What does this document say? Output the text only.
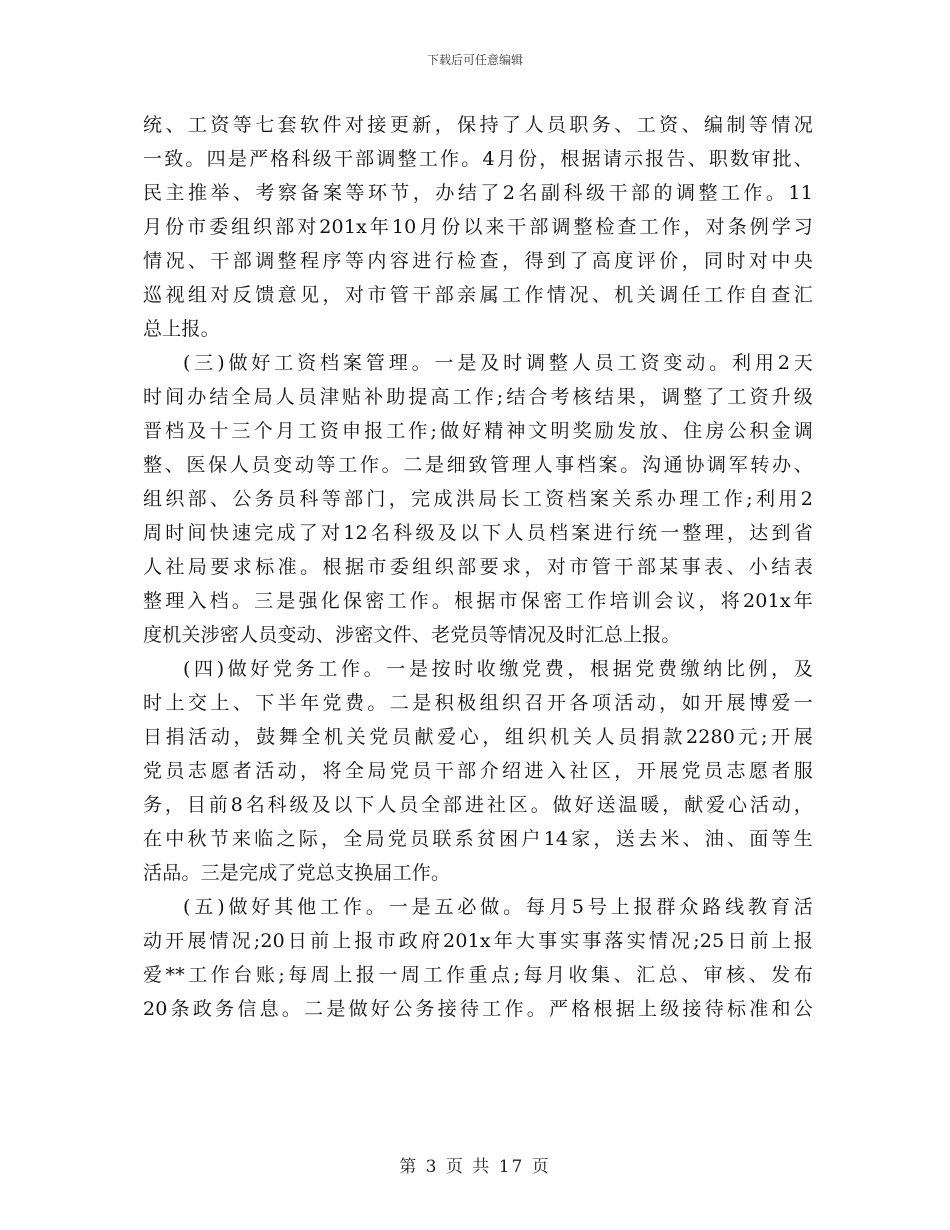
下载后可任意编辑
统、工资等七套软件对接更新，保持了人员职务、工资、编制等情况
一致。四是严格科级干部调整工作。4月份，根据请示报告、职数审批、
民主推举、考察备案等环节，办结了2名副科级干部的调整工作。11
月份市委组织部对201x年10月份以来干部调整检查工作，对条例学习
情况、干部调整程序等内容进行检查，得到了高度评价，同时对中央
巡视组对反馈意见，对市管干部亲属工作情况、机关调任工作自查汇
总上报。
(三)做好工资档案管理。一是及时调整人员工资变动。利用2天
时间办结全局人员津贴补助提高工作;结合考核结果，调整了工资升级
晋档及十三个月工资申报工作;做好精神文明奖励发放、住房公积金调
整、医保人员变动等工作。二是细致管理人事档案。沟通协调军转办、
组织部、公务员科等部门，完成洪局长工资档案关系办理工作;利用2
周时间快速完成了对12名科级及以下人员档案进行统一整理，达到省
人社局要求标准。根据市委组织部要求，对市管干部某事表、小结表
整理入档。三是强化保密工作。根据市保密工作培训会议，将201x年
度机关涉密人员变动、涉密文件、老党员等情况及时汇总上报。
(四)做好党务工作。一是按时收缴党费，根据党费缴纳比例，及
时上交上、下半年党费。二是积极组织召开各项活动，如开展博爱一
日捐活动，鼓舞全机关党员献爱心，组织机关人员捐款2280元;开展
党员志愿者活动，将全局党员干部介绍进入社区，开展党员志愿者服
务，目前8名科级及以下人员全部进社区。做好送温暖，献爱心活动，
在中秋节来临之际，全局党员联系贫困户14家，送去米、油、面等生
活品。三是完成了党总支换届工作。
(五)做好其他工作。一是五必做。每月5号上报群众路线教育活
动开展情况;20日前上报市政府201x年大事实事落实情况;25日前上报
爱**工作台账;每周上报一周工作重点;每月收集、汇总、审核、发布
20条政务信息。二是做好公务接待工作。严格根据上级接待标准和公
第 3 页 共 17 页
